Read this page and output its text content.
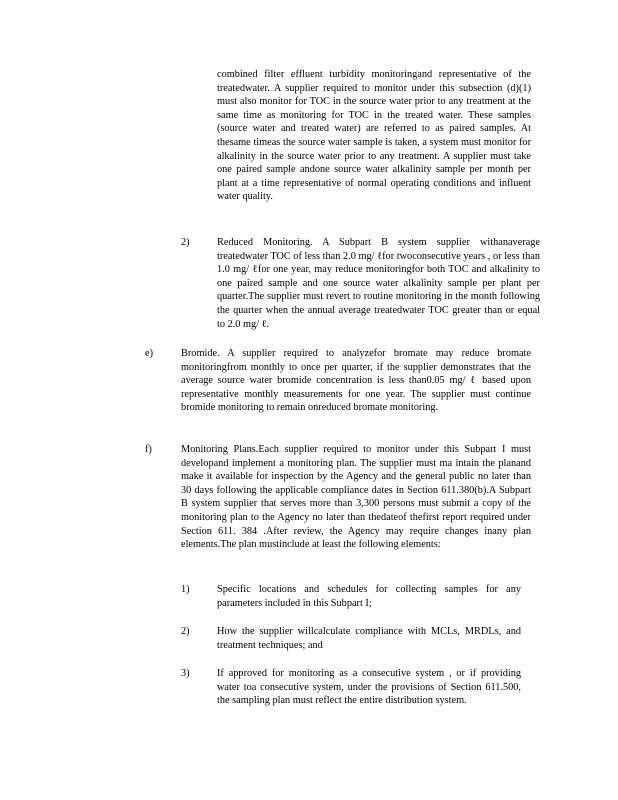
combined filter effluent turbidity monitoringand representative of the treatedwater. A supplier required to monitor under this subsection (d)(1) must also monitor for TOC in the source water prior to any treatment at the same time as monitoring for TOC in the treated water. These samples (source water and treated water) are referred to as paired samples. At thesame timeas the source water sample is taken, a system must monitor for alkalinity in the source water prior to any treatment. A supplier must take one paired sample andone source water alkalinity sample per month per plant at a time representative of normal operating conditions and influent water quality.

2)	Reduced Monitoring. A Subpart B system supplier withanaverage treatedwater TOC of less than 2.0 mg/ ℓfor twoconsecutive years , or less than 1.0 mg/ ℓfor one year, may reduce monitoringfor both TOC and alkalinity to one paired sample and one source water alkalinity sample per plant per quarter.The supplier must revert to routine monitoring in the month following the quarter when the annual average treatedwater TOC greater than or equal to 2.0 mg/ ℓ.

e)	Bromide. A supplier required to analyzefor bromate may reduce bromate monitoringfrom monthly to once per quarter, if the supplier demonstrates that the average source water bromide concentration is less than0.05 mg/ ℓ based upon representative monthly measurements for one year. The supplier must continue bromide monitoring to remain onreduced bromate monitoring.

f)	Monitoring Plans.Each supplier required to monitor under this Subpart I must developand implement a monitoring plan. The supplier must ma intain the planand make it available for inspection by the Agency and the general public no later than 30 days following the applicable compliance dates in Section 611.380(b).A Subpart B system supplier that serves more than 3,300 persons must submit a copy of the monitoring plan to the Agency no later than thedateof thefirst report required under Section 611. 384 .After review, the Agency may require changes inany plan elements.The plan mustinclude at least the following elements:

1)	Specific locations and schedules for collecting samples for any parameters included in this Subpart I;

2)	How the supplier willcalculate compliance with MCLs, MRDLs, and treatment techniques; and

3)	If approved for monitoring as a consecutive system , or if providing water toa consecutive system, under the provisions of Section 611.500, the sampling plan must reflect the entire distribution system.
